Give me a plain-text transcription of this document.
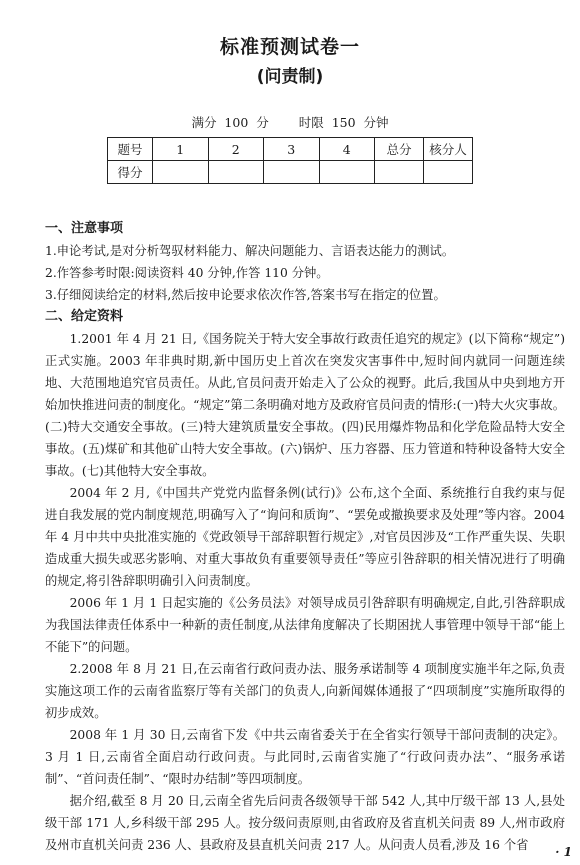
标准预测试卷一
(问责制)
满分 100 分 时限 150 分钟
题号	1	2	3	4	总分	核分人
得分						

一、注意事项

1.申论考试,是对分析驾驭材料能力、解决问题能力、言语表达能力的测试。

2.作答参考时限:阅读资料 40 分钟,作答 110 分钟。

3.仔细阅读给定的材料,然后按申论要求依次作答,答案书写在指定的位置。

二、给定资料

1.2001 年 4 月 21 日,《国务院关于特大安全事故行政责任追究的规定》(以下简称“规定”)正式实施。2003 年非典时期,新中国历史上首次在突发灾害事件中,短时间内就同一问题连续地、大范围地追究官员责任。从此,官员问责开始走入了公众的视野。此后,我国从中央到地方开始加快推进问责的制度化。“规定”第二条明确对地方及政府官员问责的情形:(一)特大火灾事故。(二)特大交通安全事故。(三)特大建筑质量安全事故。(四)民用爆炸物品和化学危险品特大安全事故。(五)煤矿和其他矿山特大安全事故。(六)锅炉、压力容器、压力管道和特种设备特大安全事故。(七)其他特大安全事故。

2004 年 2 月,《中国共产党党内监督条例(试行)》公布,这个全面、系统推行自我约束与促进自我发展的党内制度规范,明确写入了“询问和质询”、“罢免或撤换要求及处理”等内容。2004 年 4 月中共中央批准实施的《党政领导干部辞职暂行规定》,对官员因涉及“工作严重失误、失职造成重大损失或恶劣影响、对重大事故负有重要领导责任”等应引咎辞职的相关情况进行了明确的规定,将引咎辞职明确引入问责制度。

2006 年 1 月 1 日起实施的《公务员法》对领导成员引咎辞职有明确规定,自此,引咎辞职成为我国法律责任体系中一种新的责任制度,从法律角度解决了长期困扰人事管理中领导干部“能上不能下”的问题。

2.2008 年 8 月 21 日,在云南省行政问责办法、服务承诺制等 4 项制度实施半年之际,负责实施这项工作的云南省监察厅等有关部门的负责人,向新闻媒体通报了“四项制度”实施所取得的初步成效。

2008 年 1 月 30 日,云南省下发《中共云南省委关于在全省实行领导干部问责制的决定》。3 月 1 日,云南省全面启动行政问责。与此同时,云南省实施了“行政问责办法”、“服务承诺制”、“首问责任制”、“限时办结制”等四项制度。

据介绍,截至 8 月 20 日,云南全省先后问责各级领导干部 542 人,其中厅级干部 13 人,县处级干部 171 人,乡科级干部 295 人。按分级问责原则,由省政府及省直机关问责 89 人,州市政府及州市直机关问责 236 人、县政府及县直机关问责 217 人。从问责人员看,涉及 16 个省	· 1
